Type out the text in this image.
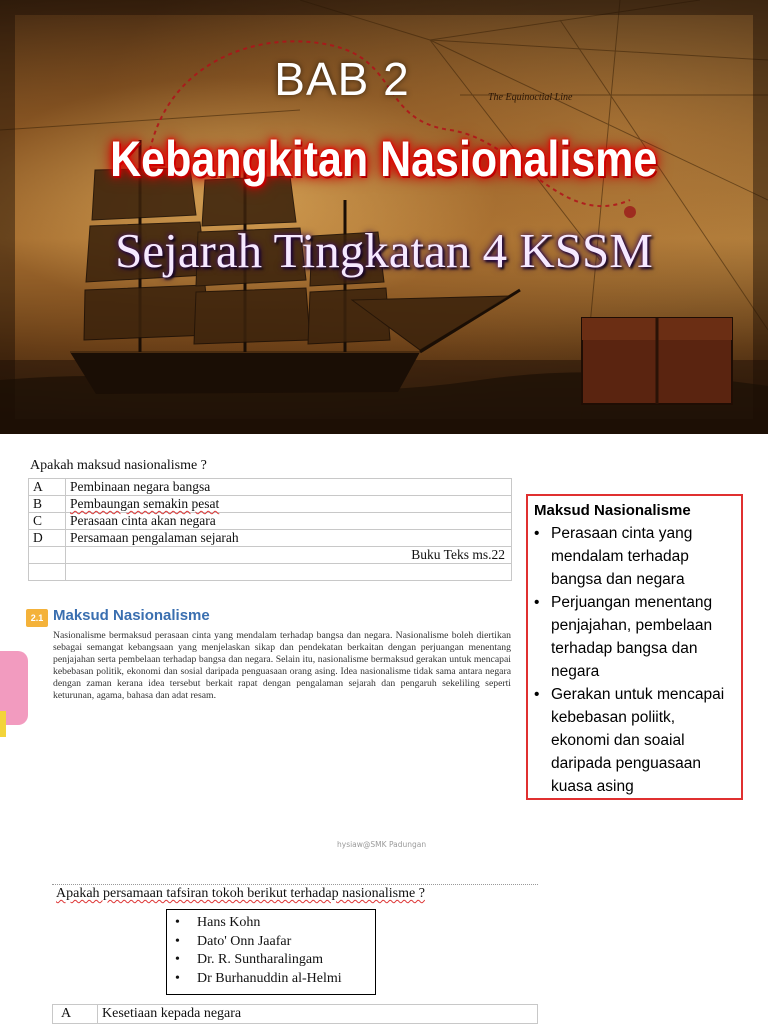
The Equinoctial Line
BAB 2
Kebangkitan Nasionalisme
Sejarah Tingkatan 4 KSSM
Apakah maksud nasionalisme ?
A	Pembinaan negara bangsa
B	Pembaungan semakin pesat
C	Perasaan cinta akan negara
D	Persamaan pengalaman sejarah
	Buku Teks ms.22

2.1 Maksud Nasionalisme
Nasionalisme bermaksud perasaan cinta yang mendalam terhadap bangsa dan negara. Nasionalisme boleh diertikan sebagai semangat kebangsaan yang menjelaskan sikap dan pendekatan berkaitan dengan perjuangan menentang penjajahan serta pembelaan terhadap bangsa dan negara. Selain itu, nasionalisme bermaksud gerakan untuk mencapai kebebasan politik, ekonomi dan sosial daripada penguasaan orang asing. Idea nasionalisme tidak sama antara negara dengan zaman kerana idea tersebut berkait rapat dengan pengalaman sejarah dan pengaruh sekeliling seperti keturunan, agama, bahasa dan adat resam.
Maksud Nasionalisme
• Perasaan cinta yang mendalam terhadap bangsa dan negara
• Perjuangan menentang penjajahan, pembelaan terhadap bangsa dan negara
• Gerakan untuk mencapai kebebasan poliitk, ekonomi dan soaial daripada penguasaan kuasa asing
hysiaw@SMK Padungan
Apakah persamaan tafsiran tokoh berikut terhadap nasionalisme ?
• Hans Kohn
• Dato' Onn Jaafar
• Dr. R. Suntharalingam
• Dr Burhanuddin al-Helmi
A	Kesetiaan kepada negara
